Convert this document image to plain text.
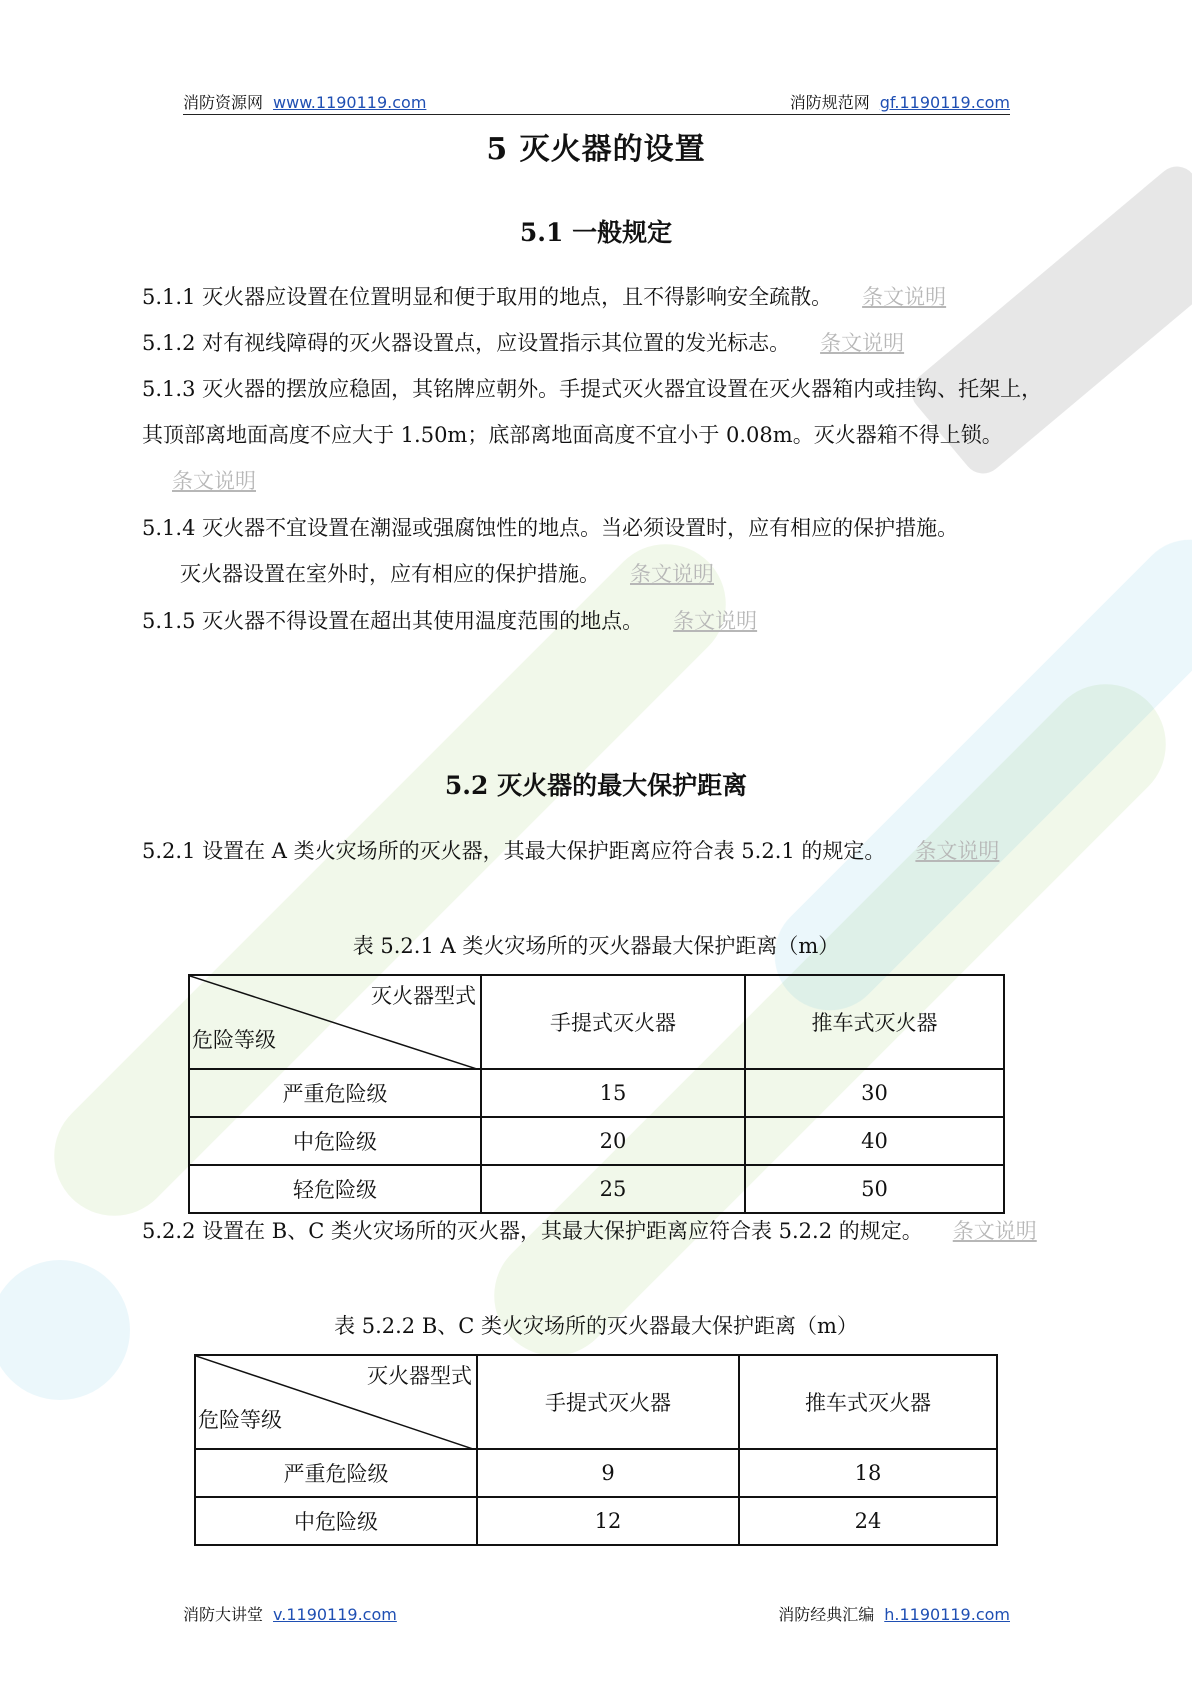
消防资源网 www.1190119.com	消防规范网 gf.1190119.com
5 灭火器的设置
5.1 一般规定
5.1.1 灭火器应设置在位置明显和便于取用的地点，且不得影响安全疏散。 条文说明
5.1.2 对有视线障碍的灭火器设置点，应设置指示其位置的发光标志。 条文说明
5.1.3 灭火器的摆放应稳固，其铭牌应朝外。手提式灭火器宜设置在灭火器箱内或挂钩、托架上，其顶部离地面高度不应大于 1.50m；底部离地面高度不宜小于 0.08m。灭火器箱不得上锁。条文说明
5.1.4 灭火器不宜设置在潮湿或强腐蚀性的地点。当必须设置时，应有相应的保护措施。
灭火器设置在室外时，应有相应的保护措施。 条文说明
5.1.5 灭火器不得设置在超出其使用温度范围的地点。 条文说明
5.2 灭火器的最大保护距离
5.2.1 设置在 A 类火灾场所的灭火器，其最大保护距离应符合表 5.2.1 的规定。 条文说明
表 5.2.1 A 类火灾场所的灭火器最大保护距离（m）
灭火器型式
危险等级	手提式灭火器	推车式灭火器
严重危险级	15	30
中危险级	20	40
轻危险级	25	50
5.2.2 设置在 B、C 类火灾场所的灭火器，其最大保护距离应符合表 5.2.2 的规定。 条文说明
表 5.2.2 B、C 类火灾场所的灭火器最大保护距离（m）
灭火器型式
危险等级	手提式灭火器	推车式灭火器
严重危险级	9	18
中危险级	12	24
消防大讲堂 v.1190119.com	消防经典汇编 h.1190119.com
